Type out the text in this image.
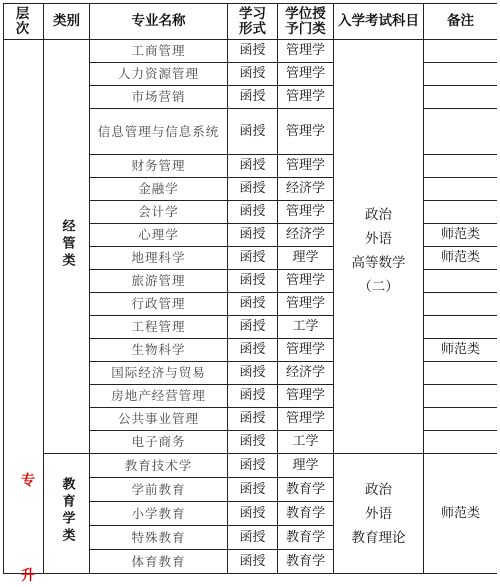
层次	类别	专业名称	学习形式	学位授予门类	入学考试科目	备注
	经管类	工商管理	函授	管理学	政治
外语
高等数学
（二）	

		人力资源管理	函授	管理学		
		市场营销	函授	管理学		
		信息管理与信息系统	函授	管理学		
		财务管理	函授	管理学		
		金融学	函授	经济学		
		会计学	函授	管理学		
		心理学	函授	经济学		师范类
		地理科学	函授	理学		师范类
		旅游管理	函授	管理学		
		行政管理	函授	管理学		
		工程管理	函授	工学		
		生物科学	函授	管理学		师范类
		国际经济与贸易	函授	经济学		
		房地产经营管理	函授	管理学		
		公共事业管理	函授	管理学		
		电子商务	函授	工学		
	教育学类	教育技术学	函授	理学	政治
外语
教育理论	师范类
		学前教育	函授	教育学		
		小学教育	函授	教育学		
		特殊教育	函授	教育学		
		体育教育	函授	教育学		
专
升
